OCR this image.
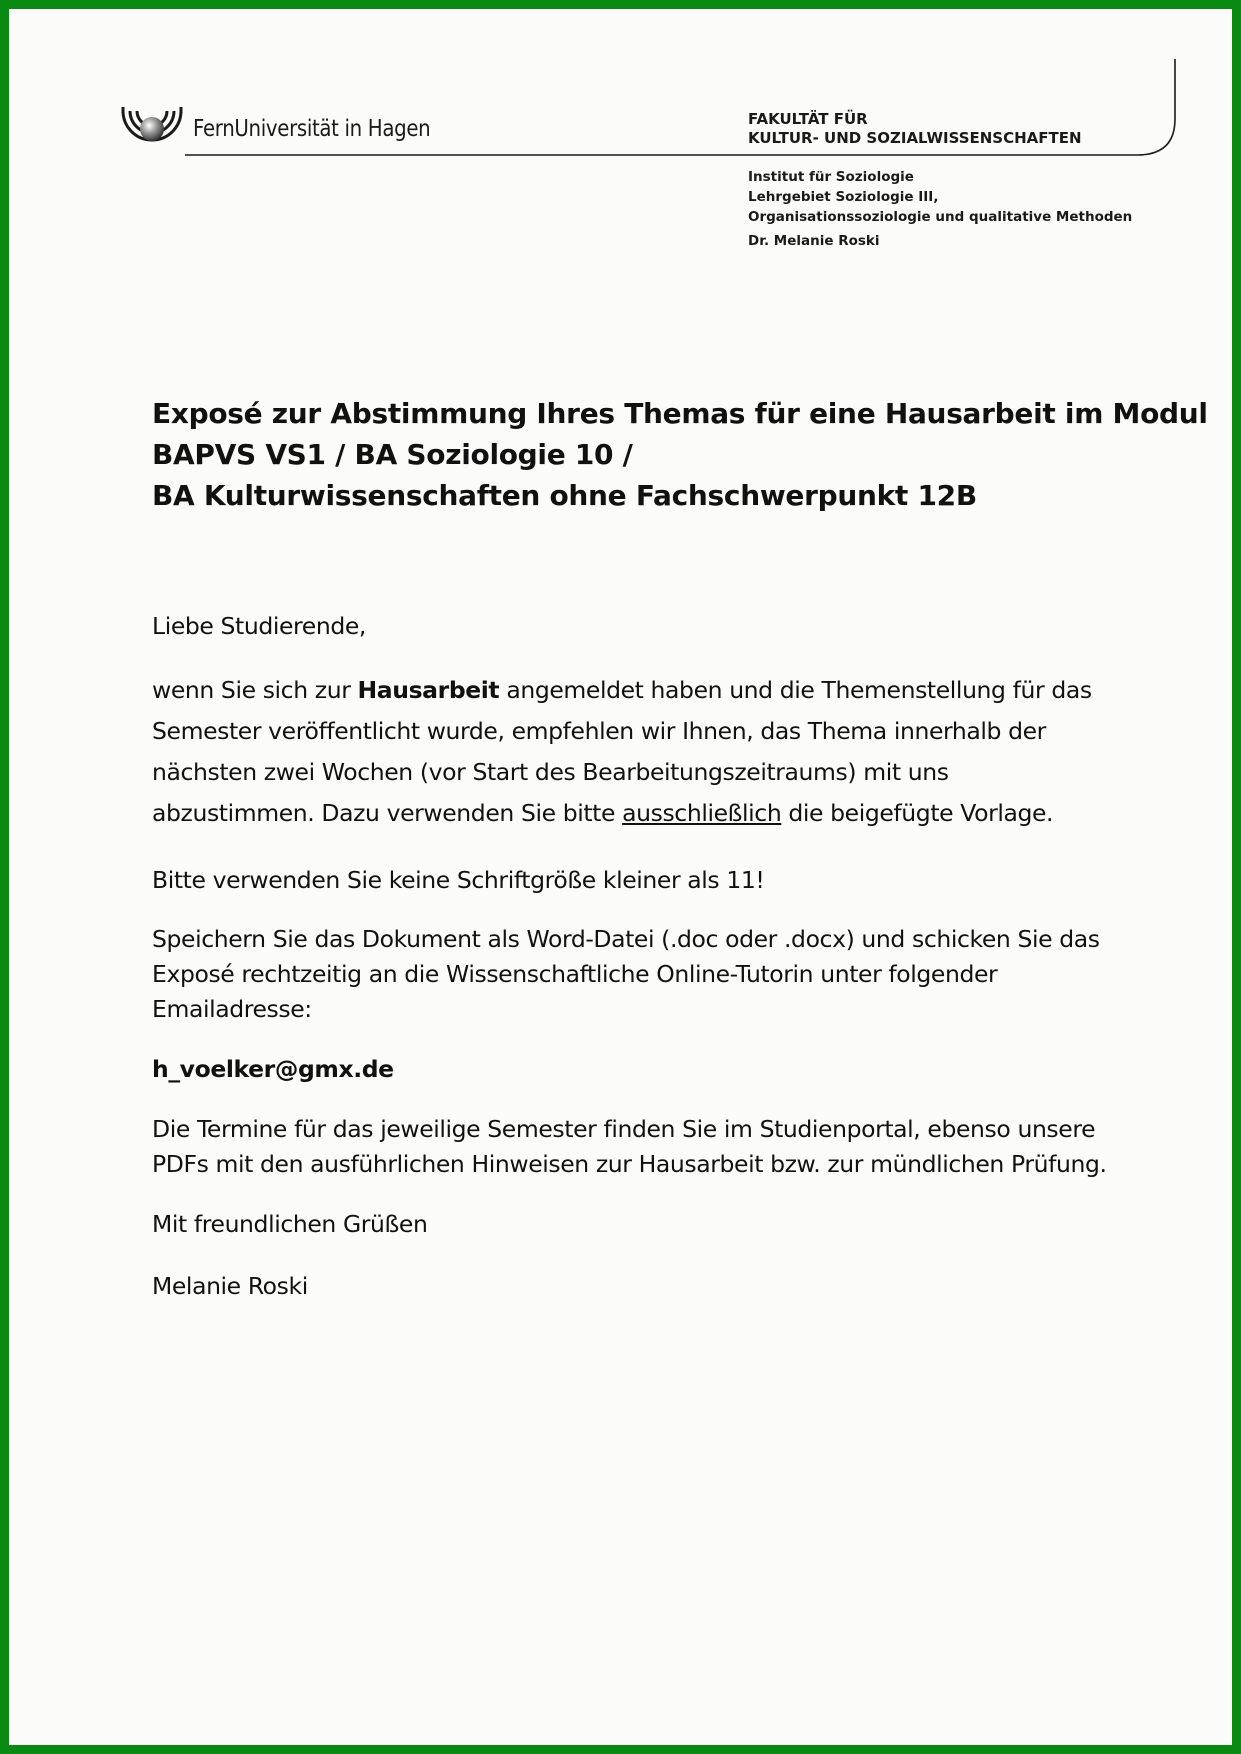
FernUniversität in Hagen	FAKULTÄT FÜR
KULTUR- UND SOZIALWISSENSCHAFTEN
Institut für Soziologie
Lehrgebiet Soziologie III,
Organisationssoziologie und qualitative Methoden
Dr. Melanie Roski
Exposé zur Abstimmung Ihres Themas für eine Hausarbeit im Modul
BAPVS VS1 / BA Soziologie 10 /
BA Kulturwissenschaften ohne Fachschwerpunkt 12B

Liebe Studierende,

wenn Sie sich zur Hausarbeit angemeldet haben und die Themenstellung für das

Semester veröffentlicht wurde, empfehlen wir Ihnen, das Thema innerhalb der

nächsten zwei Wochen (vor Start des Bearbeitungszeitraums) mit uns

abzustimmen. Dazu verwenden Sie bitte ausschließlich die beigefügte Vorlage.

Bitte verwenden Sie keine Schriftgröße kleiner als 11!

Speichern Sie das Dokument als Word-Datei (.doc oder .docx) und schicken Sie das

Exposé rechtzeitig an die Wissenschaftliche Online-Tutorin unter folgender

Emailadresse:

h_voelker@gmx.de

Die Termine für das jeweilige Semester finden Sie im Studienportal, ebenso unsere

PDFs mit den ausführlichen Hinweisen zur Hausarbeit bzw. zur mündlichen Prüfung.

Mit freundlichen Grüßen

Melanie Roski
